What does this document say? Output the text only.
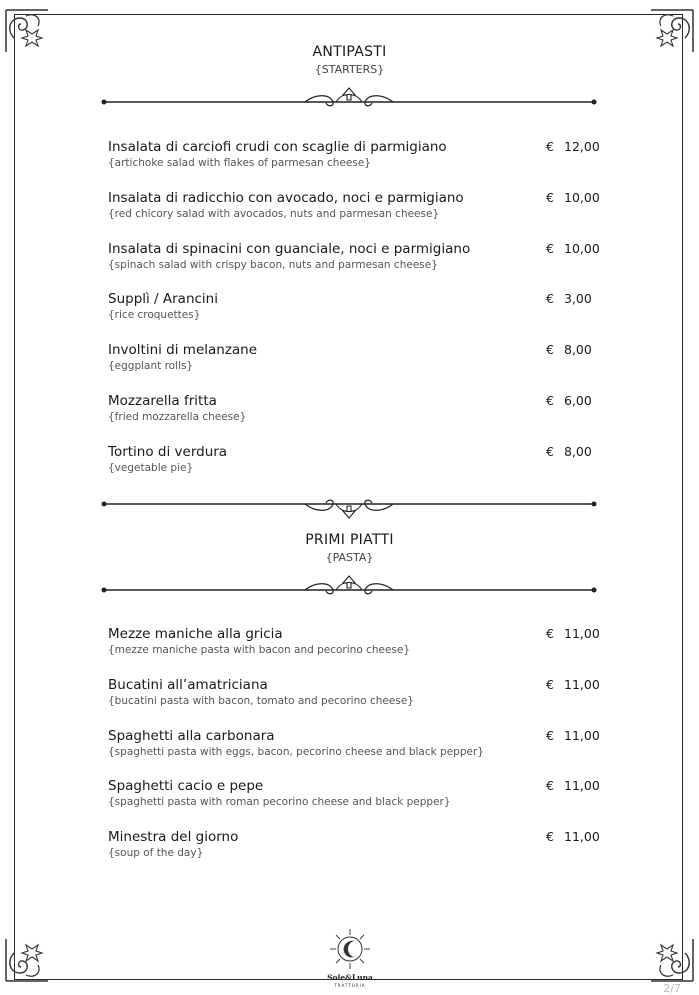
ANTIPASTI
{STARTERS}
Insalata di carciofi crudi con scaglie di parmigiano
{artichoke salad with flakes of parmesan cheese}
€ 12,00
Insalata di radicchio con avocado, noci e parmigiano
{red chicory salad with avocados, nuts and parmesan cheese}
€ 10,00
Insalata di spinacini con guanciale, noci e parmigiano
{spinach salad with crispy bacon, nuts and parmesan cheese}
€ 10,00
Supplì / Arancini
{rice croquettes}
€ 3,00
Involtini di melanzane
{eggplant rolls}
€ 8,00
Mozzarella fritta
{fried mozzarella cheese}
€ 6,00
Tortino di verdura
{vegetable pie}
€ 8,00
PRIMI PIATTI
{PASTA}
Mezze maniche alla gricia
{mezze maniche pasta with bacon and pecorino cheese}
€ 11,00
Bucatini all’amatriciana
{bucatini pasta with bacon, tomato and pecorino cheese}
€ 11,00
Spaghetti alla carbonara
{spaghetti pasta with eggs, bacon, pecorino cheese and black pepper}
€ 11,00
Spaghetti cacio e pepe
{spaghetti pasta with roman pecorino cheese and black pepper}
€ 11,00
Minestra del giorno
{soup of the day}
€ 11,00
Sole&Luna
TRATTORIA	2/7
